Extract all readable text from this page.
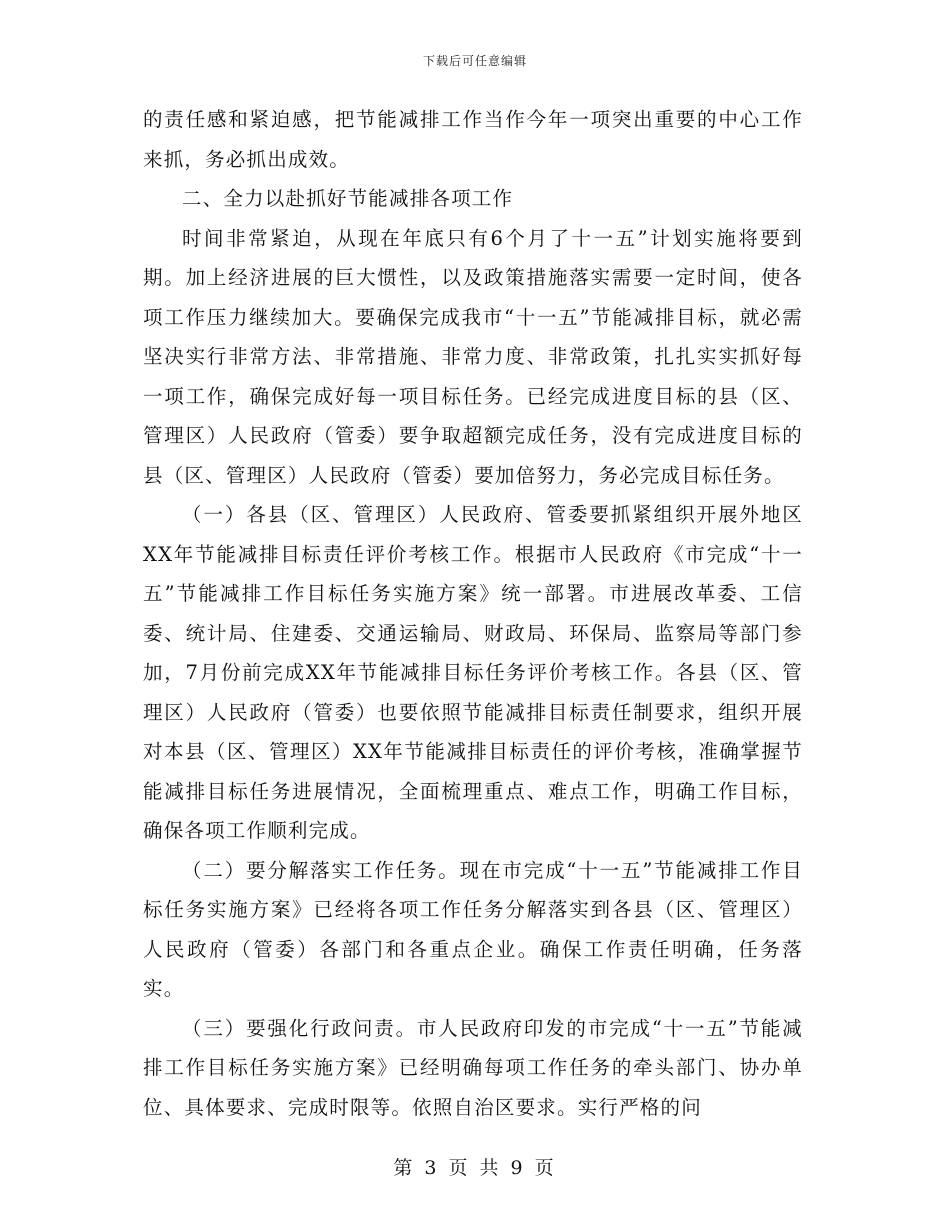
下载后可任意编辑

的责任感和紧迫感，把节能减排工作当作今年一项突出重要的中心工作来抓，务必抓出成效。

二、全力以赴抓好节能减排各项工作

时间非常紧迫，从现在年底只有6个月了十一五”计划实施将要到期。加上经济进展的巨大惯性，以及政策措施落实需要一定时间，使各项工作压力继续加大。要确保完成我市“十一五”节能减排目标，就必需坚决实行非常方法、非常措施、非常力度、非常政策，扎扎实实抓好每一项工作，确保完成好每一项目标任务。已经完成进度目标的县（区、管理区）人民政府（管委）要争取超额完成任务，没有完成进度目标的县（区、管理区）人民政府（管委）要加倍努力，务必完成目标任务。

（一）各县（区、管理区）人民政府、管委要抓紧组织开展外地区XX年节能减排目标责任评价考核工作。根据市人民政府《市完成“十一五”节能减排工作目标任务实施方案》统一部署。市进展改革委、工信委、统计局、住建委、交通运输局、财政局、环保局、监察局等部门参加，7月份前完成XX年节能减排目标任务评价考核工作。各县（区、管理区）人民政府（管委）也要依照节能减排目标责任制要求，组织开展对本县（区、管理区）XX年节能减排目标责任的评价考核，准确掌握节能减排目标任务进展情况，全面梳理重点、难点工作，明确工作目标，确保各项工作顺利完成。

（二）要分解落实工作任务。现在市完成“十一五”节能减排工作目标任务实施方案》已经将各项工作任务分解落实到各县（区、管理区）人民政府（管委）各部门和各重点企业。确保工作责任明确，任务落实。

（三）要强化行政问责。市人民政府印发的市完成“十一五”节能减排工作目标任务实施方案》已经明确每项工作任务的牵头部门、协办单位、具体要求、完成时限等。依照自治区要求。实行严格的问

第 3 页 共 9 页
